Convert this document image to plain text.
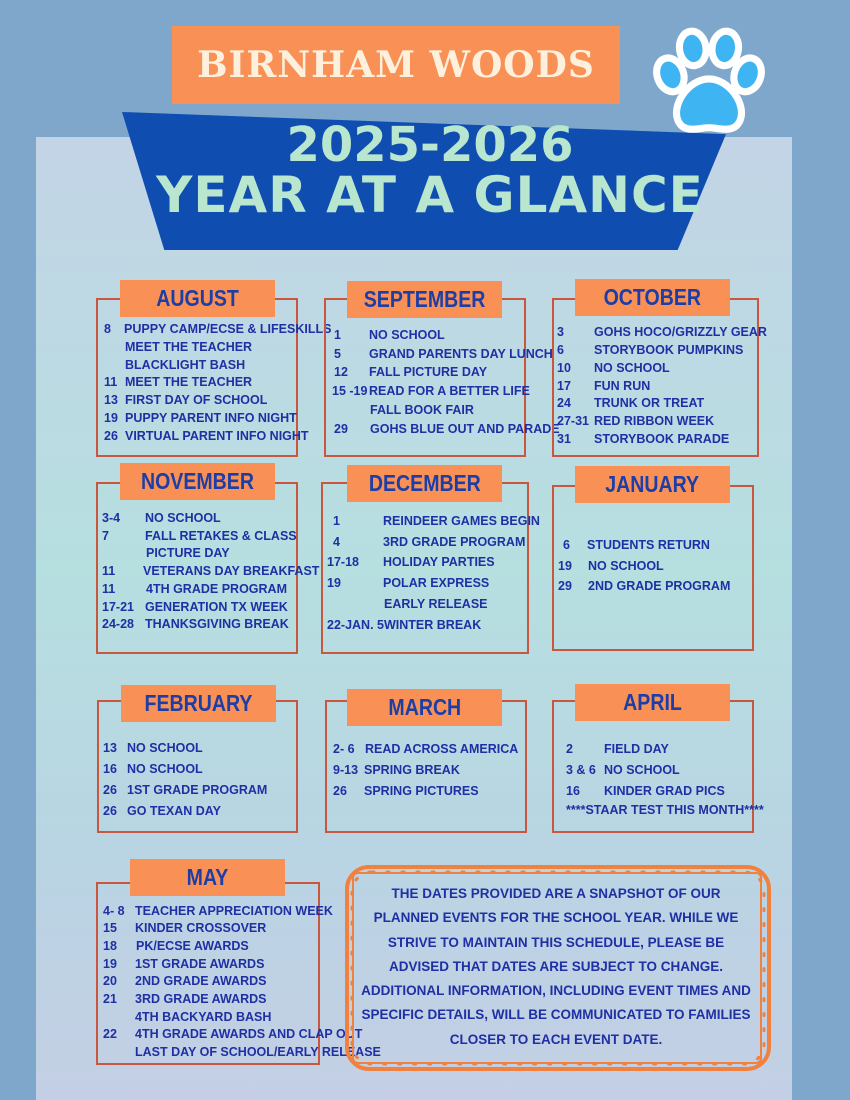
2025-2026
YEAR AT A GLANCE
BIRNHAM WOODS
AUGUST
8 PUPPY CAMP/ECSE & LIFESKILLS
MEET THE TEACHER
BLACKLIGHT BASH
11 MEET THE TEACHER
13 FIRST DAY OF SCHOOL
19 PUPPY PARENT INFO NIGHT
26 VIRTUAL PARENT INFO NIGHT
SEPTEMBER
1 NO SCHOOL
5 GRAND PARENTS DAY LUNCH
12 FALL PICTURE DAY
15 -19 READ FOR A BETTER LIFE
FALL BOOK FAIR
29 GOHS BLUE OUT AND PARADE
OCTOBER
3 GOHS HOCO/GRIZZLY GEAR
6 STORYBOOK PUMPKINS
10 NO SCHOOL
17 FUN RUN
24 TRUNK OR TREAT
27-31 RED RIBBON WEEK
31 STORYBOOK PARADE
NOVEMBER
3-4 NO SCHOOL
7	FALL RETAKES & CLASS
PICTURE DAY
11 VETERANS DAY BREAKFAST
11 4TH GRADE PROGRAM
17-21 GENERATION TX WEEK
24-28 THANKSGIVING BREAK
DECEMBER
1	REINDEER GAMES BEGIN
4	3RD GRADE PROGRAM
17-18 HOLIDAY PARTIES
19	POLAR EXPRESS
EARLY RELEASE
22-JAN. 5 WINTER BREAK
JANUARY
6 STUDENTS RETURN
19 NO SCHOOL
29 2ND GRADE PROGRAM
FEBRUARY
13 NO SCHOOL
16 NO SCHOOL
26 1ST GRADE PROGRAM
26 GO TEXAN DAY
MARCH
2- 6 READ ACROSS AMERICA
9-13 SPRING BREAK
26 SPRING PICTURES
APRIL
2 FIELD DAY
3 & 6 NO SCHOOL
16 KINDER GRAD PICS
****STAAR TEST THIS MONTH****
MAY
4- 8 TEACHER APPRECIATION WEEK
15 KINDER CROSSOVER
18 PK/ECSE AWARDS
19 1ST GRADE AWARDS
20 2ND GRADE AWARDS
21 3RD GRADE AWARDS
4TH BACKYARD BASH
22 4TH GRADE AWARDS AND CLAP OUT
LAST DAY OF SCHOOL/EARLY RELEASE
THE DATES PROVIDED ARE A SNAPSHOT OF OUR PLANNED EVENTS FOR THE SCHOOL YEAR. WHILE WE STRIVE TO MAINTAIN THIS SCHEDULE, PLEASE BE ADVISED THAT DATES ARE SUBJECT TO CHANGE. ADDITIONAL INFORMATION, INCLUDING EVENT TIMES AND SPECIFIC DETAILS, WILL BE COMMUNICATED TO FAMILIES CLOSER TO EACH EVENT DATE.
